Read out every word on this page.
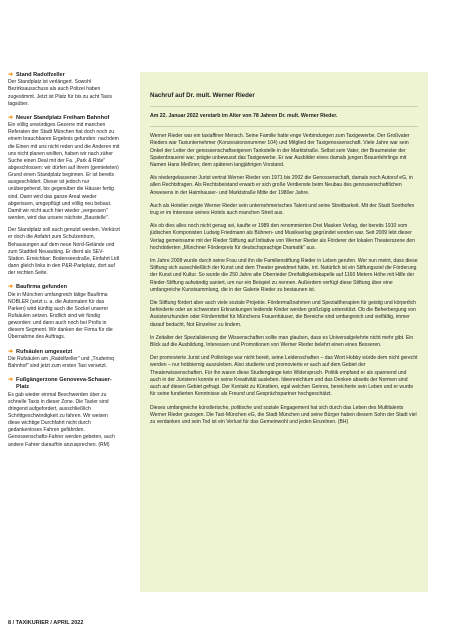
➜ Stand Radolfzeller

Der Standplatz ist verlängert. Sowohl Bezirksausschuss als auch Polizei haben zugestimmt. Jetzt ist Platz für bis zu acht Taxis tagsüber.

➜ Neuer Standplatz Freiham Bahnhof

Ein völlig unwürdiges Gezerre mit manchen Referaten der Stadt München hat doch noch zu einem brauchbaren Ergebnis gefunden: nachdem die Einen mit uns nicht reden und die Anderen mit uns nicht planen wollten, haben wir nach zäher Suche einen Deal mit der Fa. „Park & Ride" abgeschlossen: wir dürfen auf ihrem (gemieteten) Grund einen Standplatz beginnen. Er ist bereits ausgeschildert. Dieser ist jedoch nur unübergehend, bis gegenüber die Häuser fertig sind. Dann wird das ganze Areal wieder abgerissen, umgepflügt und völlig neu bebaut. Damit wir nicht auch hier wieder „vergessen" werden, wird das unsere nächste „Baustelle".

Der Standplatz soll auch genutzt werden. Verkürzt er doch die Anfahrt zum Schulzentrum, Behausungen auf dem neue Nord-Gelände und zum Stadtteil Neuaubing. Er dient als SEV-Station. Erreichbar: Bodenseestraße, Einfahrt Lidl dann gleich links in den P&R-Parkplatz, dort auf der rechten Seite.

➜ Baufirma gefunden

Die in München umfangreich tätige Baufirma NOBLER (setzt u. a. die Automaten für das Parken) wird künftig auch die Sockel unserer Rufsäulen setzen. Endlich sind wir fündig geworden: und dann auch noch bei Profis in diesem Segment. Wir danken der Firma für die Übernahme des Auftrags.

➜ Rufsäulen umgesetzt

Die Rufsäulen am „Radolfzeller" und „Truderinq Bahnhof" sind jetzt zum ersten Taxi versetzt.

➜ Fußgängerzone Genoveva-Schauer-Platz

Es gab wieder einmal Beschwerden über zu schnelle Taxis in dieser Zone. Die Taxler sind dringend aufgefordert, ausschließlich Schrittgeschwindigkeit zu fahren. Wir weisen diese wichtige Durchfahrt nicht durch gedankenloses Fahren gefährden. Genossenschafts-Fahrer werden gebeten, auch andere Fahrer daraufhin anzusprechen. (RM)

Nachruf auf Dr. mult. Werner Rieder

Am 22. Januar 2022 verstarb im Alter von 78 Jahren Dr. mult. Werner Rieder.

Werner Rieder war ein taxiaffiner Mensch. Seine Familie hatte enge Verbindungen zum Taxigewerbe. Der Großvater Rieders war Taxiunternehmer (Konzessionsnummer 104) und Mitglied der Taxigenossenschaft. Viele Jahre war sein Onkel der Leiter der genossenschaftseigenen Tankstelle in der Marktstraße. Selbst sein Vater, der Braumeister der Spatenbrauerei war, prägte unbewusst das Taxigewerbe. Er war Ausbilder eines damals jungen Brauerlehrlings mit Namen Hans Meißner, dem späteren langjährigen Vorstand.

Als niedergelassener Jurist vertrat Werner Rieder von 1971 bis 2002 die Genossenschaft, damals noch Autoruf eG, in allen Rechtsfragen. Als Rechtsbeistand erwarb er sich große Verdienste beim Neubau des genossenschaftlichen Anwesens in der Haimhauser- und Marktstraße Mitte der 1980er Jahre.

Auch als Hotelier zeigte Werner Rieder sein unternehmerisches Talent und seine Streitbarkeit. Mit der Stadt Sonthofen trug er im Interesse seines Hotels auch manchen Streit aus.

Als ob dies alles noch nicht genug sei, kaufte er 1989 den renommierten Drei Masken Verlag, der bereits 1910 vom jüdischen Komponisten Ludwig Friedmann als Bühnen- und Musikverlag gegründet worden war. Seit 2009 lebt dieser Verlag gemeinsame mit der Rieder Stiftung auf Initiative von Werner Rieder als Förderer der lokalen Theaterszene den hochdotierten „Münchner Förderpreis für deutschsprachige Dramatik" aus.

Im Jahre 2008 wurde durch seine Frau und ihn die Familienstiftung Rieder in Leben gerufen. Wer nun meint, dass diese Stiftung sich ausschließlich der Kunst und dem Theater gewidmet hätte, irrt. Natürlich ist ein Stiftungsziel die Förderung der Kunst und Kultur. So wurde die 250 Jahre alte Oberrieder Dreifaltigkeitskapelle auf 1160 Metern Höhe mit Hilfe der Rieder-Stiftung aufwändig saniert, um nur ein Beispiel zu nennen. Außerdem verfügt diese Stiftung über eine umfangreiche Kunstsammlung, die in der Galerie Rieder zu bestaunen ist.

Die Stiftung fördert aber auch viele soziale Projekte. Fördermaßnahmen und Spezialtherapien für geistig und körperlich behinderte oder an schwersten Erkrankungen leidende Kinder werden großzügig unterstützt. Ob die Beherbergung von Assistenzhunden oder Fördermittel für Münchens Frauenhäuser, die Bereiche sind umfangreich und vielfältig, immer darauf bedacht, Not Einzelner zu lindern.

In Zeitalter der Spezialisierung der Wissenschaften sollte man glauben, dass es Universalgelehrte nicht mehr gibt. Ein Blick auf die Ausbildung, Interessen und Promotionen von Werner Rieder belehrt einen eines Besseren.

Der promovierte Jurist und Politologe war nicht bereit, seine Leidenschaften – das Wort Hobby würde dem nicht gerecht werden – nur hobbiernig auszuleben. Also studierte und promovierte er auch auf dem Gebiet der Theaterwissenschaften. Für ihn waren diese Studiengänge kein Widerspruch. Politik empfand er als spannend und auch in der Juristerei konnte er seine Kreativität ausleben. Ideenreichtum und das Denken abseits der Normen sind auch auf diesen Gebiet gefragt. Der Kontakt zu Künstlern, egal welchen Genres, bereicherte sein Leben und er wurde für seine fundierten Kenntnisse als Freund und Gesprächspartner hochgeschätzt.

Dieses umfangreiche künstlerische, politische und soziale Engagement hat sich durch das Leben des Multitalents Werner Rieder gezogen. Die Taxi-München eG, die Stadt München und seine Bürger haben diesem Sohn der Stadt viel zu verdanken und sein Tod ist ein Verlust für das Gemeinwohl und jeden Einzelnen. (BH)

8 / TAXIKURIER / APRIL 2022
